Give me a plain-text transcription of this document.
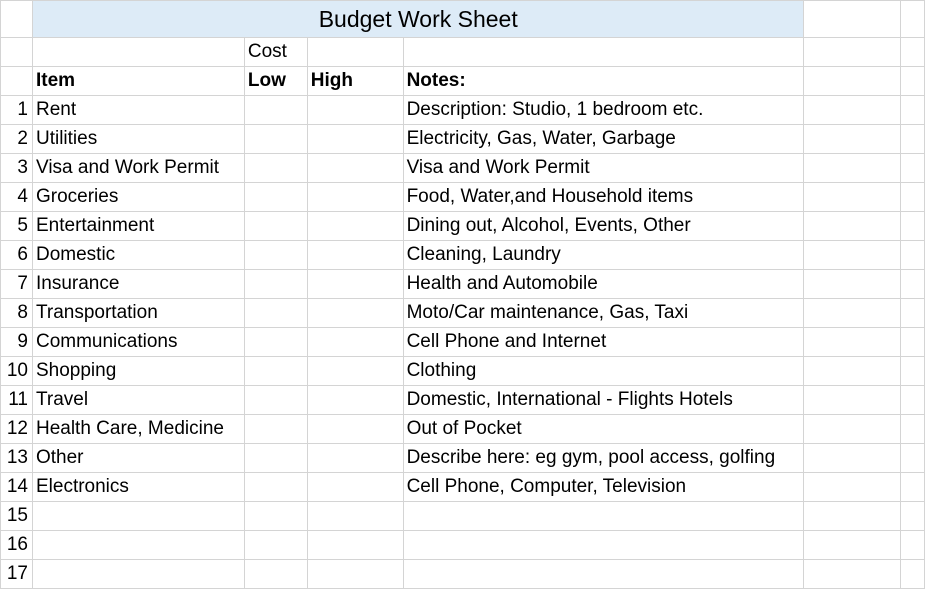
	Budget Work Sheet					
		Cost				
	Item	Low	High	Notes:		
1	Rent			Description: Studio, 1 bedroom etc.		
2	Utilities			Electricity, Gas, Water, Garbage		
3	Visa and Work Permit			Visa and Work Permit		
4	Groceries			Food, Water,and Household items		
5	Entertainment			Dining out, Alcohol, Events, Other		
6	Domestic			Cleaning, Laundry		
7	Insurance			Health and Automobile		
8	Transportation			Moto/Car maintenance, Gas, Taxi		
9	Communications			Cell Phone and Internet		
10	Shopping			Clothing		
11	Travel			Domestic, International - Flights Hotels		
12	Health Care, Medicine			Out of Pocket		
13	Other			Describe here: eg gym, pool access, golfing		
14	Electronics			Cell Phone, Computer, Television		
15						
16						
17						
